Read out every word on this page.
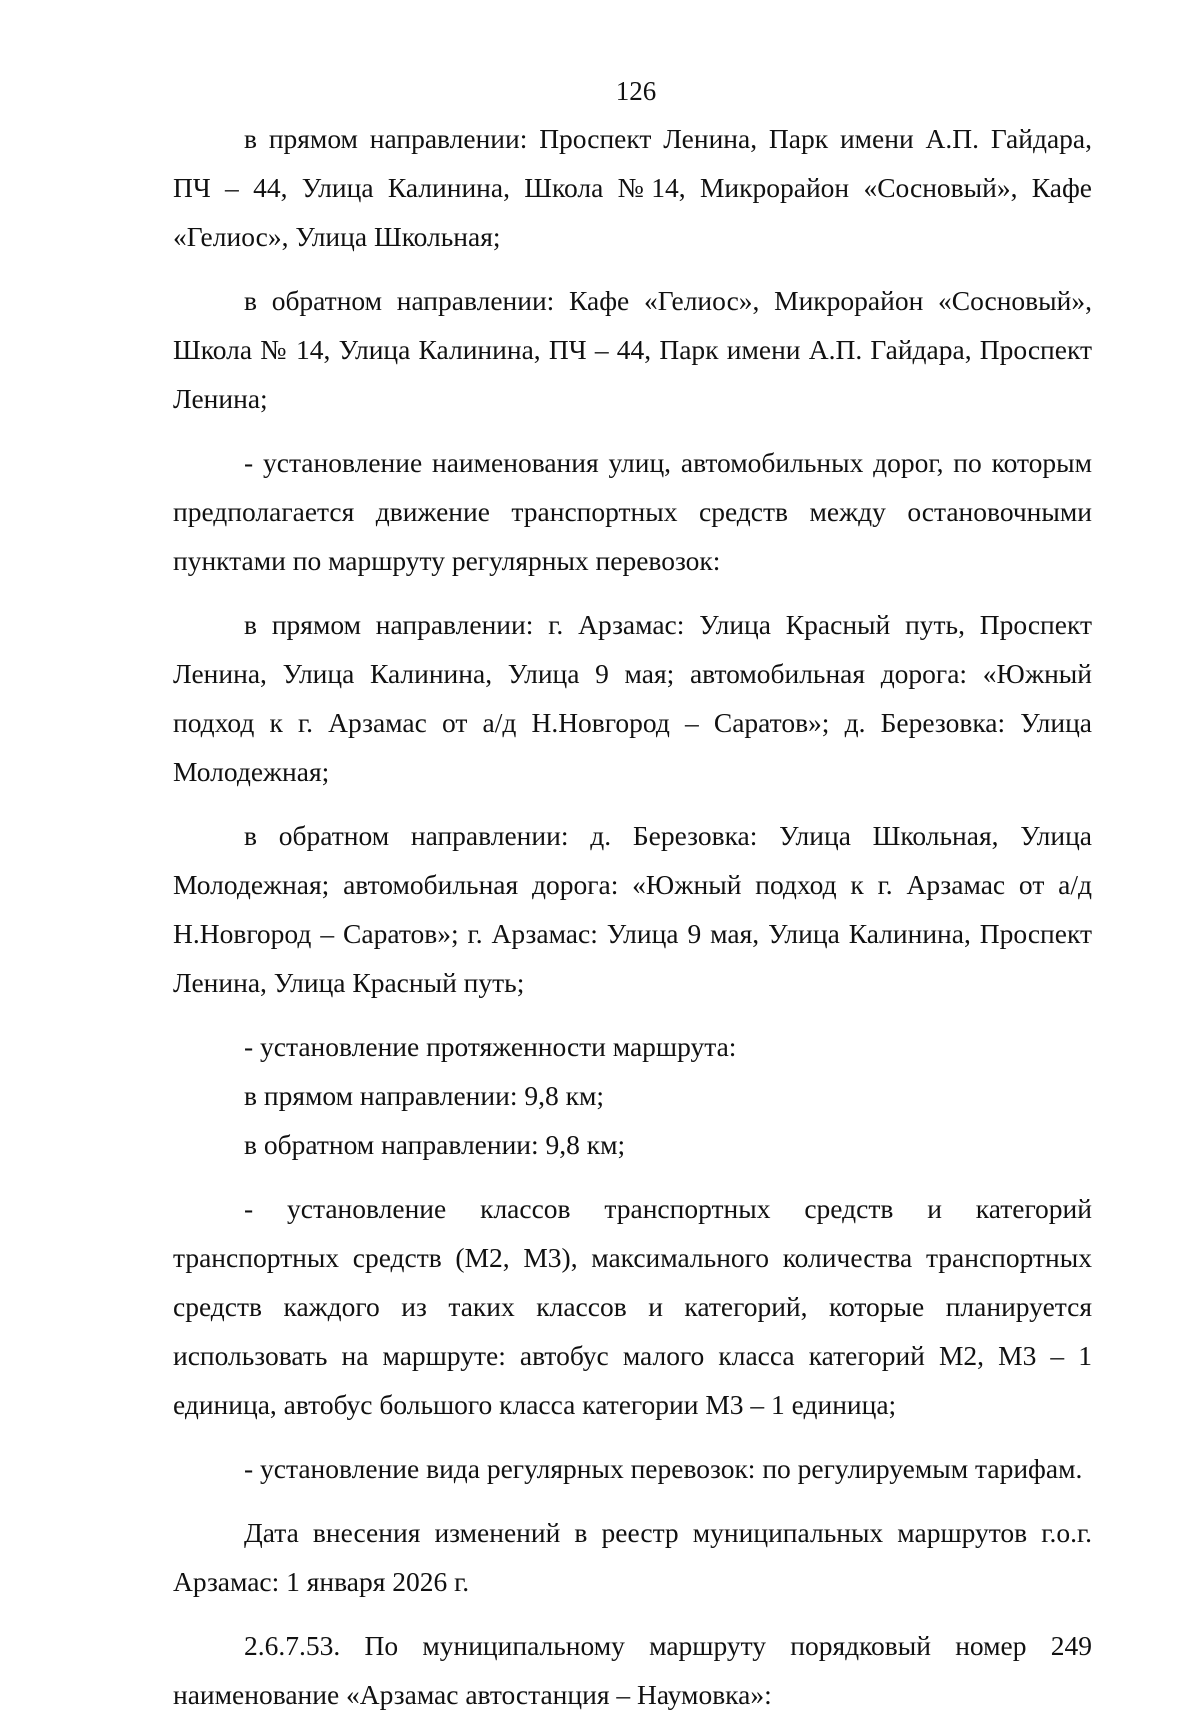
126

в прямом направлении: Проспект Ленина, Парк имени А.П. Гайдара, ПЧ – 44, Улица Калинина, Школа №14, Микрорайон «Сосновый», Кафе «Гелиос», Улица Школьная;

в обратном направлении: Кафе «Гелиос», Микрорайон «Сосновый», Школа № 14, Улица Калинина, ПЧ – 44, Парк имени А.П. Гайдара, Проспект Ленина;

- установление наименования улиц, автомобильных дорог, по которым предполагается движение транспортных средств между остановочными пунктами по маршруту регулярных перевозок:

в прямом направлении: г. Арзамас: Улица Красный путь, Проспект Ленина, Улица Калинина, Улица 9 мая; автомобильная дорога: «Южный подход к г. Арзамас от а/д Н.Новгород – Саратов»; д. Березовка: Улица Молодежная;

в обратном направлении: д. Березовка: Улица Школьная, Улица Молодежная; автомобильная дорога: «Южный подход к г. Арзамас от а/д Н.Новгород – Саратов»; г. Арзамас: Улица 9 мая, Улица Калинина, Проспект Ленина, Улица Красный путь;

- установление протяженности маршрута:

в прямом направлении: 9,8 км;

в обратном направлении: 9,8 км;

- установление классов транспортных средств и категорий транспортных средств (М2, М3), максимального количества транспортных средств каждого из таких классов и категорий, которые планируется использовать на маршруте: автобус малого класса категорий М2, М3 – 1 единица, автобус большого класса категории М3 – 1 единица;

- установление вида регулярных перевозок: по регулируемым тарифам.

Дата внесения изменений в реестр муниципальных маршрутов г.о.г. Арзамас: 1 января 2026 г.

2.6.7.53. По муниципальному маршруту порядковый номер 249 наименование «Арзамас автостанция – Наумовка»:
